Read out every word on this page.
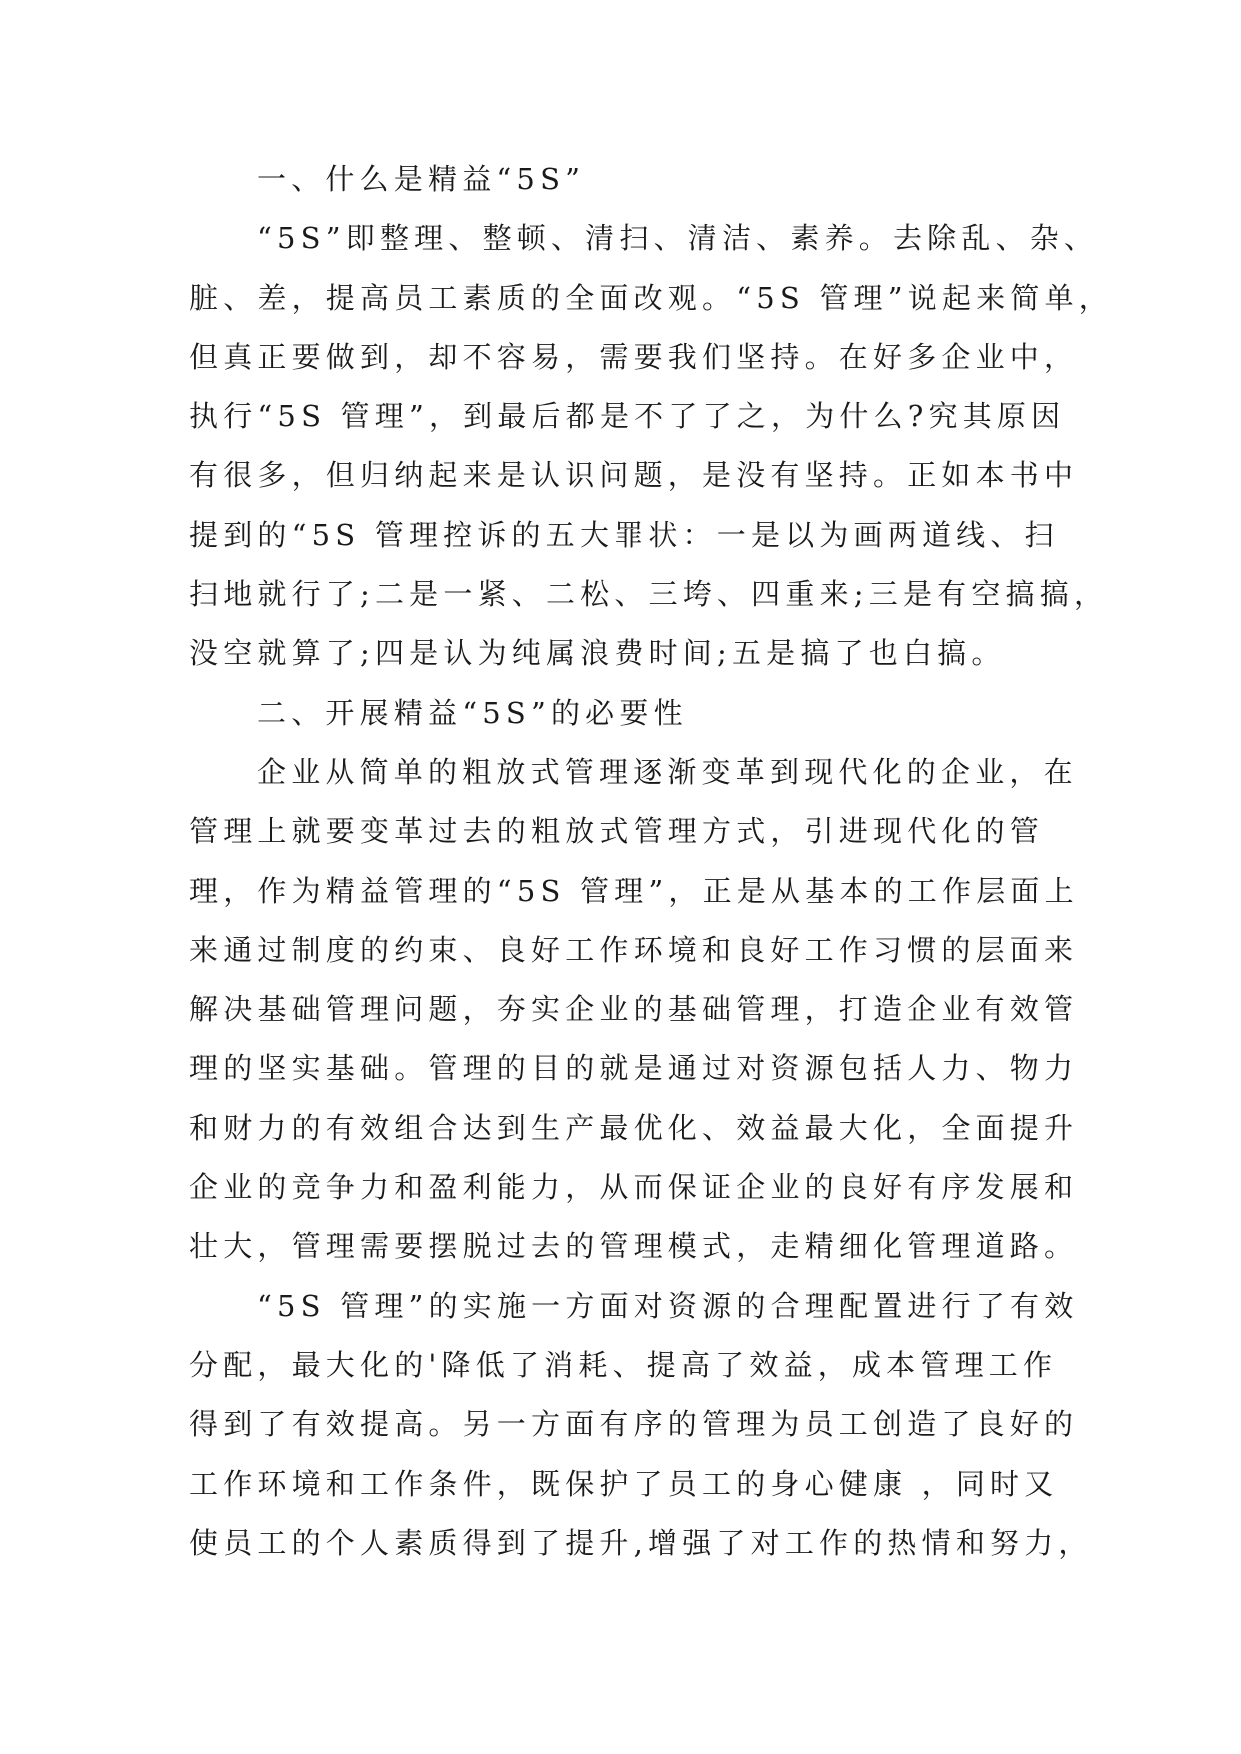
一、什么是精益“5S”
“5S”即整理、整顿、清扫、清洁、素养。去除乱、杂、
脏、差，提高员工素质的全面改观。“5S 管理”说起来简单，
但真正要做到，却不容易，需要我们坚持。在好多企业中，
执行“5S 管理”，到最后都是不了了之，为什么?究其原因
有很多，但归纳起来是认识问题，是没有坚持。正如本书中
提到的“5S 管理控诉的五大罪状：一是以为画两道线、扫
扫地就行了;二是一紧、二松、三垮、四重来;三是有空搞搞，
没空就算了;四是认为纯属浪费时间;五是搞了也白搞。
二、开展精益“5S”的必要性
企业从简单的粗放式管理逐渐变革到现代化的企业，在
管理上就要变革过去的粗放式管理方式，引进现代化的管
理，作为精益管理的“5S 管理”，正是从基本的工作层面上
来通过制度的约束、良好工作环境和良好工作习惯的层面来
解决基础管理问题，夯实企业的基础管理，打造企业有效管
理的坚实基础。管理的目的就是通过对资源包括人力、物力
和财力的有效组合达到生产最优化、效益最大化，全面提升
企业的竞争力和盈利能力，从而保证企业的良好有序发展和
壮大，管理需要摆脱过去的管理模式，走精细化管理道路。
“5S 管理”的实施一方面对资源的合理配置进行了有效
分配，最大化的'降低了消耗、提高了效益，成本管理工作
得到了有效提高。另一方面有序的管理为员工创造了良好的
工作环境和工作条件，既保护了员工的身心健康 ，同时又
使员工的个人素质得到了提升,增强了对工作的热情和努力，
